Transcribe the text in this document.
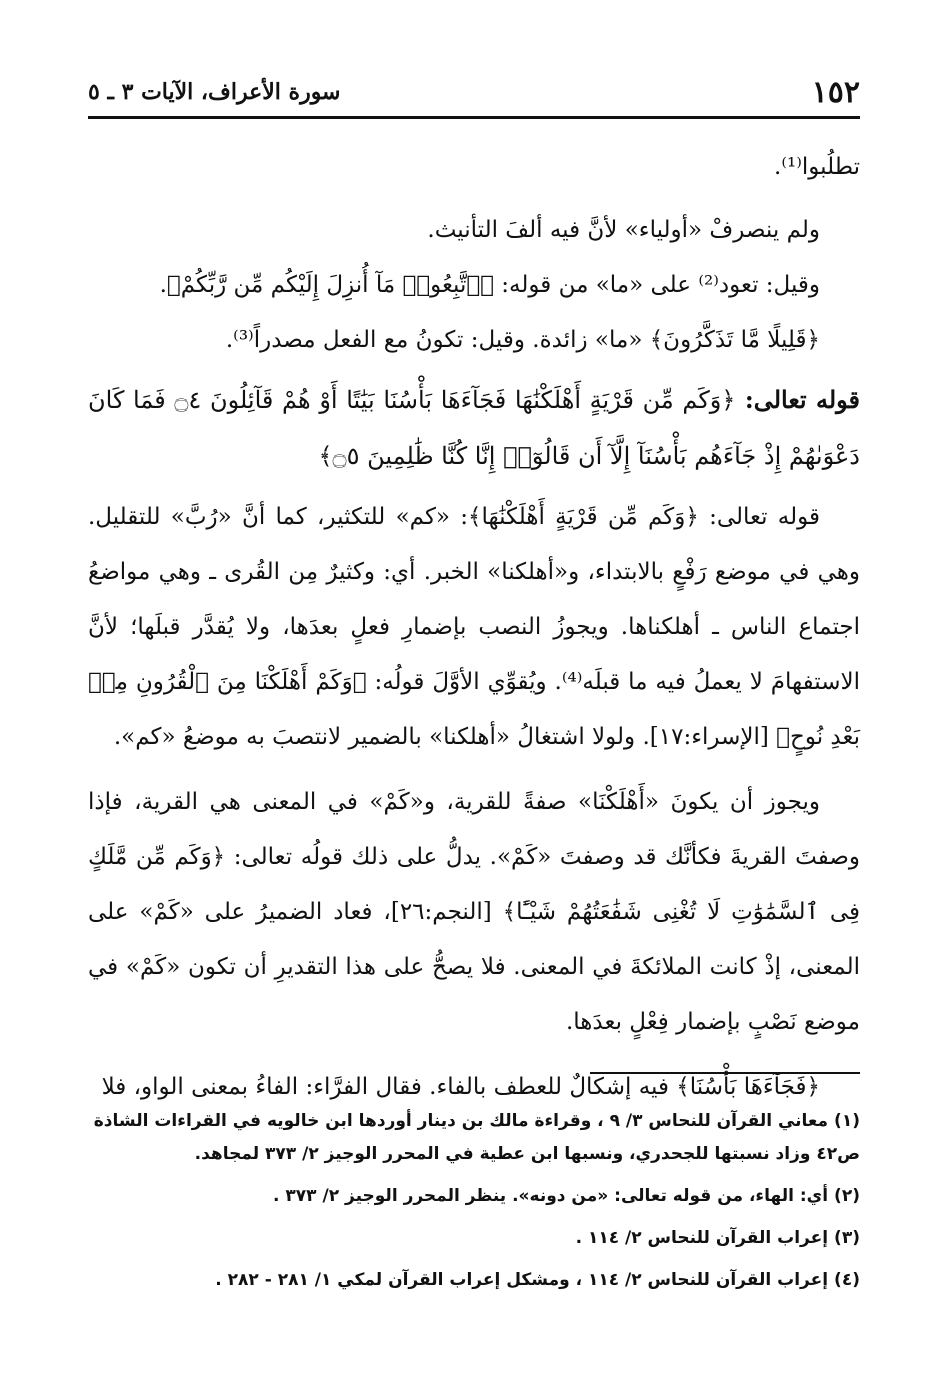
١٥٢
سورة الأعراف، الآيات ٣ ـ ٥

تطلُبوا⁽¹⁾.

ولم ينصرفْ «أولياء» لأنَّ فيه ألفَ التأنيث.

وقيل: تعود⁽²⁾ على «ما» من قوله: ﴿ٱتَّبِعُوا۟ مَآ أُنزِلَ إِلَيْكُم مِّن رَّبِّكُمْ﴾.

﴿قَلِيلًا مَّا تَذَكَّرُونَ﴾ «ما» زائدة. وقيل: تكونُ مع الفعل مصدراً⁽³⁾.

قوله تعالى: ﴿وَكَم مِّن قَرْيَةٍ أَهْلَكْنَٰهَا فَجَآءَهَا بَأْسُنَا بَيَٰتًا أَوْ هُمْ قَآئِلُونَ ۝٤ فَمَا كَانَ دَعْوَىٰهُمْ إِذْ جَآءَهُم بَأْسُنَآ إِلَّآ أَن قَالُوٓا۟ إِنَّا كُنَّا ظَٰلِمِينَ ۝٥﴾

قوله تعالى: ﴿وَكَم مِّن قَرْيَةٍ أَهْلَكْنَٰهَا﴾: «كم» للتكثير، كما أنَّ «رُبَّ» للتقليل. وهي في موضع رَفْعٍ بالابتداء، و«أهلكنا» الخبر. أي: وكثيرٌ مِن القُرى ـ وهي مواضعُ اجتماع الناس ـ أهلكناها. ويجوزُ النصب بإضمارِ فعلٍ بعدَها، ولا يُقدَّر قبلَها؛ لأنَّ الاستفهامَ لا يعملُ فيه ما قبلَه⁽⁴⁾. ويُقوِّي الأوَّلَ قولُه: ﴿وَكَمْ أَهْلَكْنَا مِنَ ٱلْقُرُونِ مِنۢ بَعْدِ نُوحٍ﴾ [الإسراء:١٧]. ولولا اشتغالُ «أهلكنا» بالضمير لانتصبَ به موضعُ «كم».

ويجوز أن يكونَ «أَهْلَكْنَا» صفةً للقرية، و«كَمْ» في المعنى هي القرية، فإذا وصفتَ القريةَ فكأنَّك قد وصفتَ «كَمْ». يدلُّ على ذلك قولُه تعالى: ﴿وَكَم مِّن مَّلَكٍ فِى ٱلسَّمَٰوَٰتِ لَا تُغْنِى شَفَٰعَتُهُمْ شَيْـًٔا﴾ [النجم:٢٦]، فعاد الضميرُ على «كَمْ» على المعنى، إذْ كانت الملائكةَ في المعنى. فلا يصحُّ على هذا التقديرِ أن تكون «كَمْ» في موضع نَصْبٍ بإضمار فِعْلٍ بعدَها.

﴿فَجَآءَهَا بَأْسُنَا﴾ فيه إشكالٌ للعطف بالفاء. فقال الفرَّاء: الفاءُ بمعنى الواو، فلا

(١)معاني القرآن للنحاس ٣/ ٩ ، وقراءة مالك بن دينار أوردها ابن خالويه في القراءات الشاذة ص٤٢ وزاد نسبتها للجحدري، ونسبها ابن عطية في المحرر الوجيز ٢/ ٣٧٣ لمجاهد.

(٢)أي: الهاء، من قوله تعالى: «من دونه». ينظر المحرر الوجيز ٢/ ٣٧٣ .

(٣)إعراب القرآن للنحاس ٢/ ١١٤ .

(٤)إعراب القرآن للنحاس ٢/ ١١٤ ، ومشكل إعراب القرآن لمكي ١/ ٢٨١ - ٢٨٢ .
